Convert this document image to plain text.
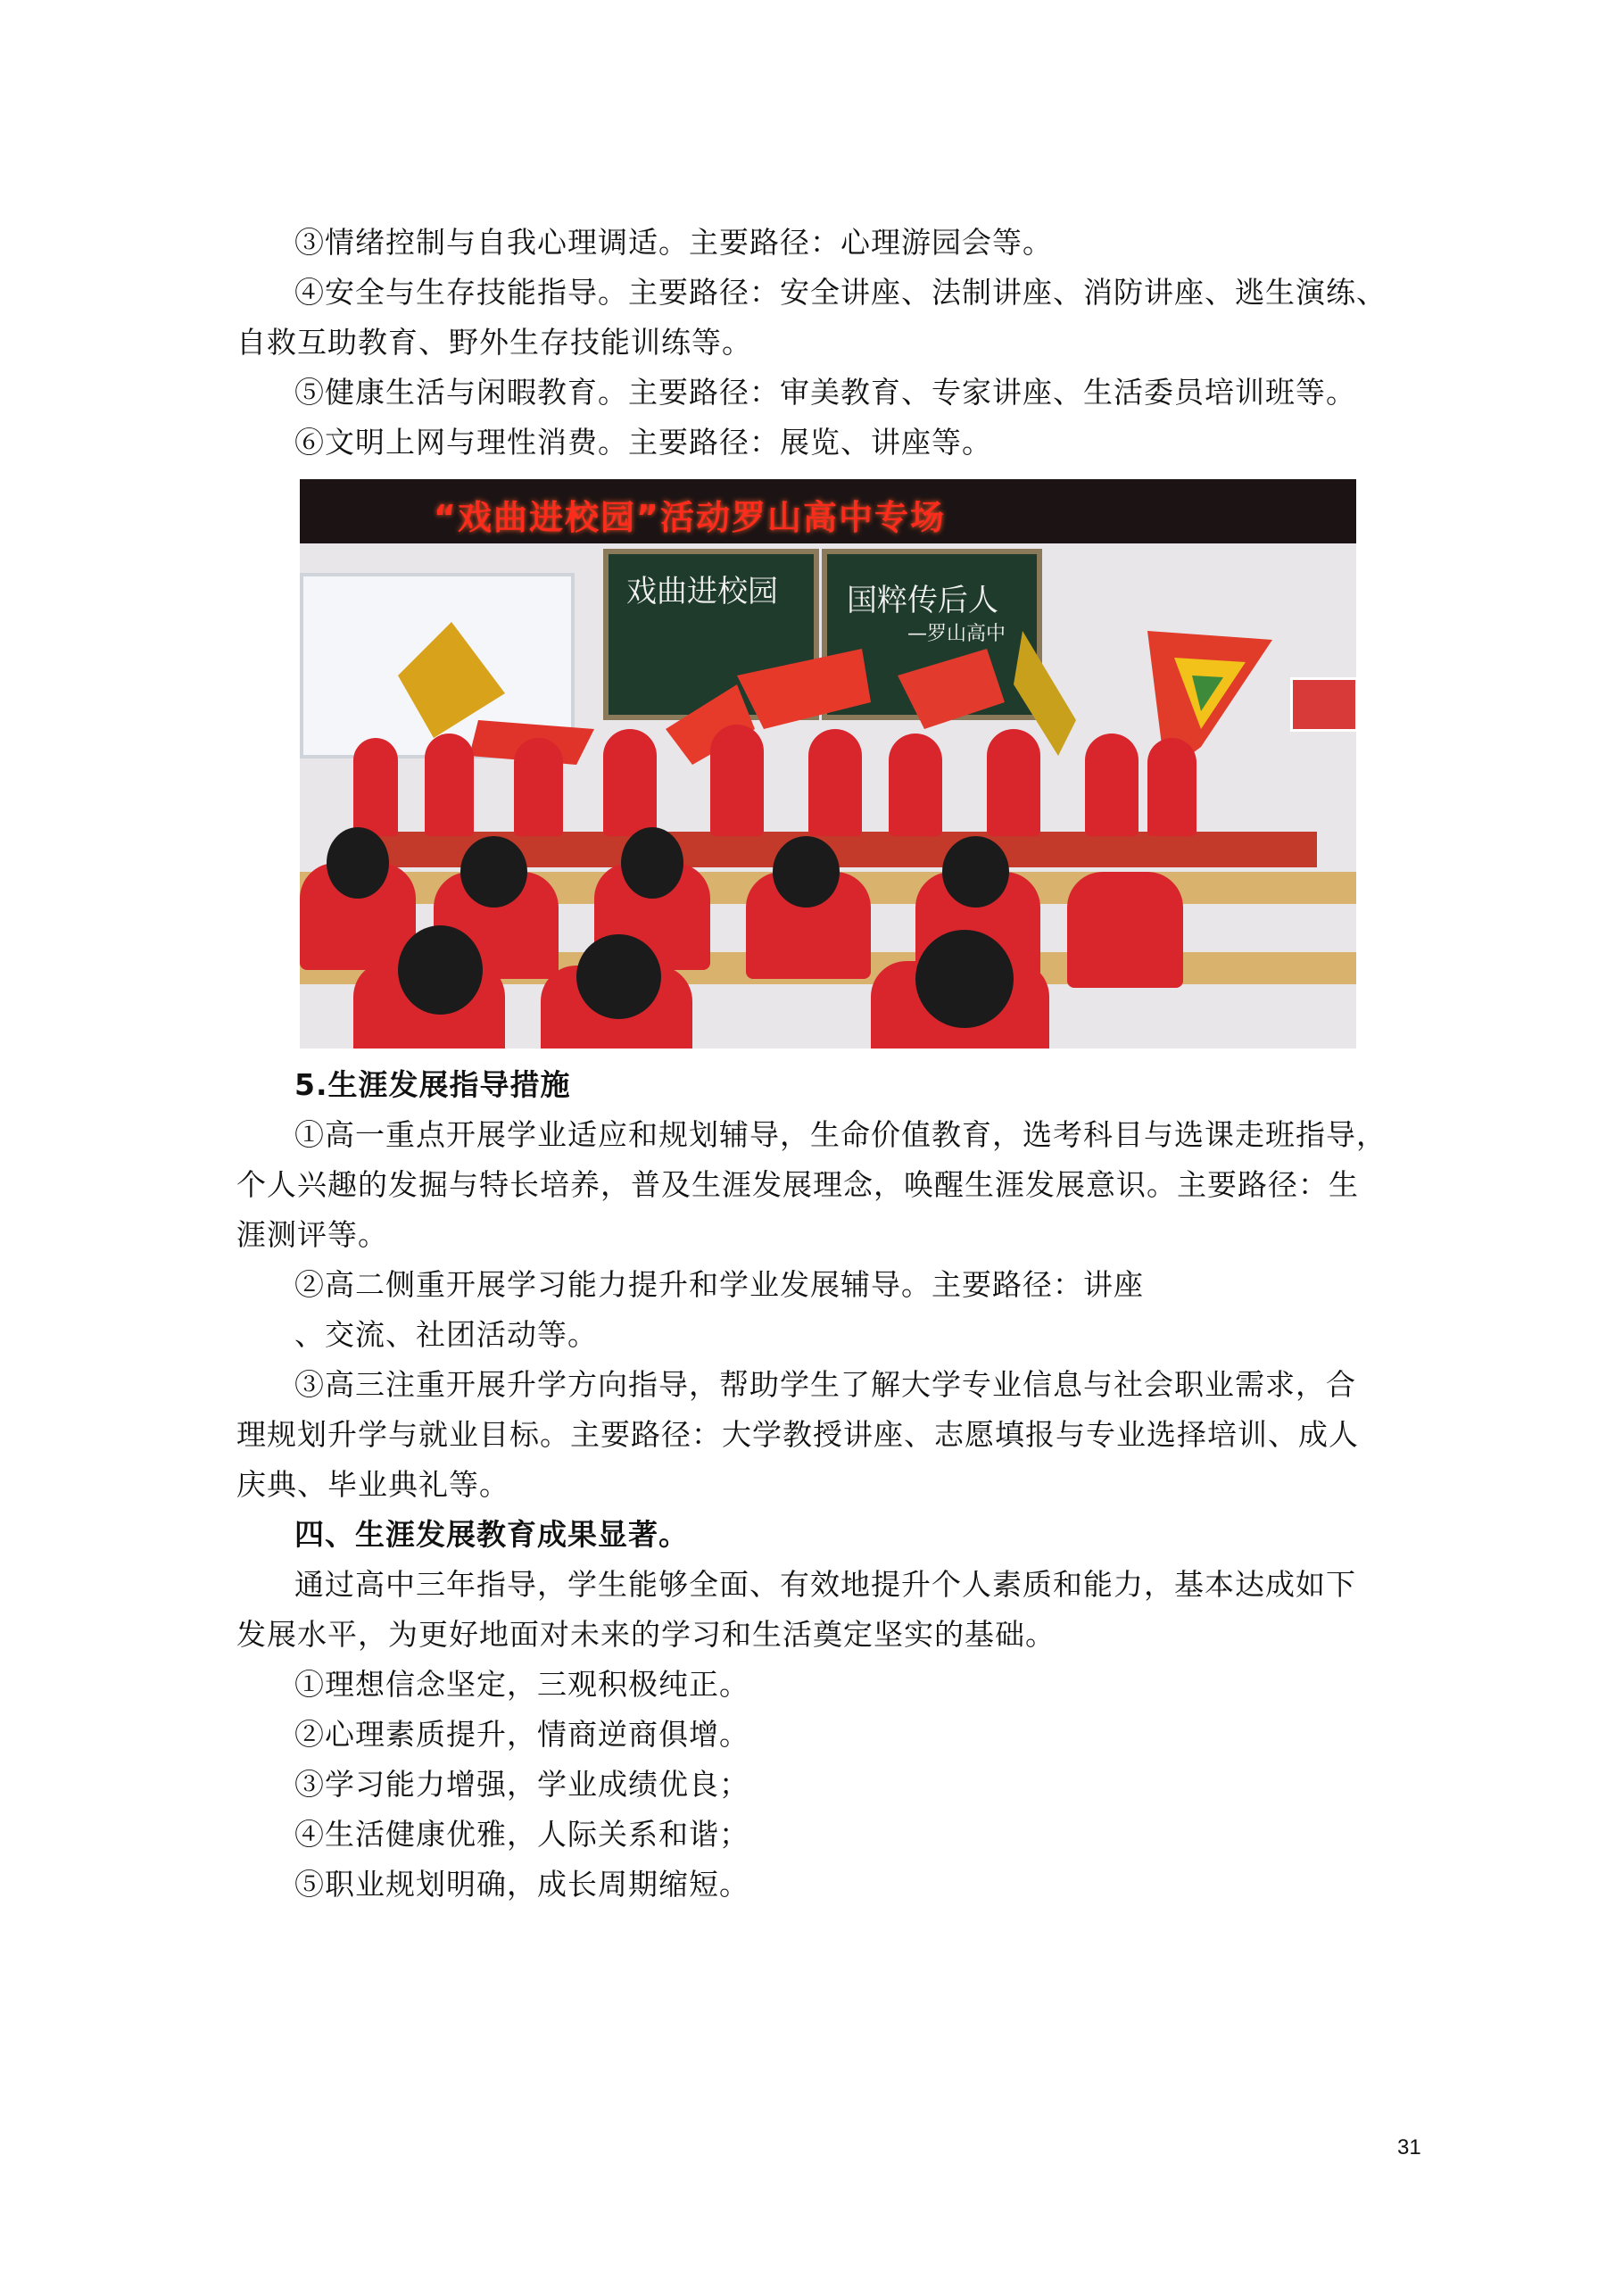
③情绪控制与自我心理调适。主要路径：心理游园会等。
④安全与生存技能指导。主要路径：安全讲座、法制讲座、消防讲座、逃生演练、
自救互助教育、野外生存技能训练等。
⑤健康生活与闲暇教育。主要路径：审美教育、专家讲座、生活委员培训班等。
⑥文明上网与理性消费。主要路径：展览、讲座等。
“戏曲进校园”活动罗山高中专场
戏曲进校园 国粹传后人
—罗山高中
5.生涯发展指导措施
①高一重点开展学业适应和规划辅导，生命价值教育，选考科目与选课走班指导，
个人兴趣的发掘与特长培养，普及生涯发展理念，唤醒生涯发展意识。主要路径：生
涯测评等。
②高二侧重开展学习能力提升和学业发展辅导。主要路径：讲座
、交流、社团活动等。
③高三注重开展升学方向指导，帮助学生了解大学专业信息与社会职业需求，合
理规划升学与就业目标。主要路径：大学教授讲座、志愿填报与专业选择培训、成人
庆典、毕业典礼等。
四、生涯发展教育成果显著。
通过高中三年指导，学生能够全面、有效地提升个人素质和能力，基本达成如下
发展水平，为更好地面对未来的学习和生活奠定坚实的基础。
①理想信念坚定，三观积极纯正。
②心理素质提升，情商逆商俱增。
③学习能力增强，学业成绩优良；
④生活健康优雅，人际关系和谐；
⑤职业规划明确，成长周期缩短。
31
